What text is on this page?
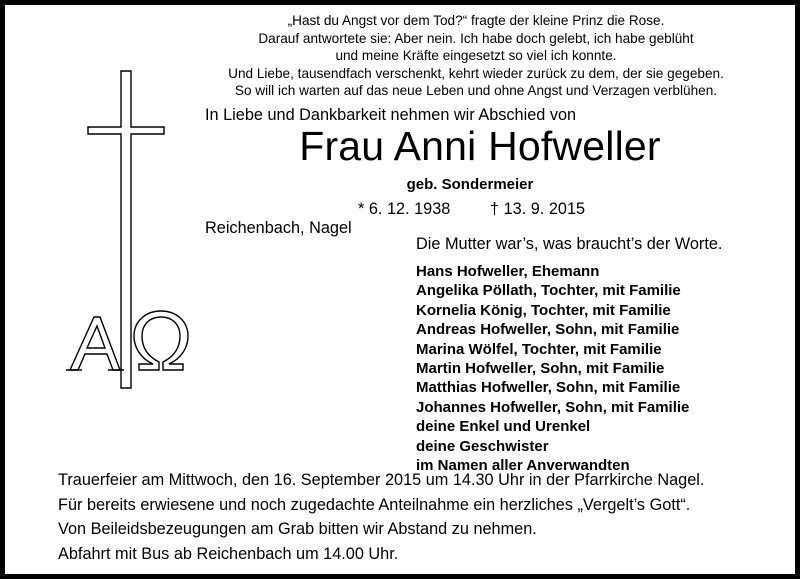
„Hast du Angst vor dem Tod?“ fragte der kleine Prinz die Rose.
Darauf antwortete sie: Aber nein. Ich habe doch gelebt, ich habe geblüht
und meine Kräfte eingesetzt so viel ich konnte.
Und Liebe, tausendfach verschenkt, kehrt wieder zurück zu dem, der sie gegeben.
So will ich warten auf das neue Leben und ohne Angst und Verzagen verblühen.
In Liebe und Dankbarkeit nehmen wir Abschied von
Frau Anni Hofweller
geb. Sondermeier
* 6. 12. 1938 † 13. 9. 2015
Reichenbach, Nagel
Die Mutter war’s, was braucht’s der Worte.
Hans Hofweller, Ehemann
Angelika Pöllath, Tochter, mit Familie
Kornelia König, Tochter, mit Familie
Andreas Hofweller, Sohn, mit Familie
Marina Wölfel, Tochter, mit Familie
Martin Hofweller, Sohn, mit Familie
Matthias Hofweller, Sohn, mit Familie
Johannes Hofweller, Sohn, mit Familie
deine Enkel und Urenkel
deine Geschwister
im Namen aller Anverwandten
Trauerfeier am Mittwoch, den 16. September 2015 um 14.30 Uhr in der Pfarrkirche Nagel.
Für bereits erwiesene und noch zugedachte Anteilnahme ein herzliches „Vergelt’s Gott“.
Von Beileidsbezeugungen am Grab bitten wir Abstand zu nehmen.
Abfahrt mit Bus ab Reichenbach um 14.00 Uhr.
